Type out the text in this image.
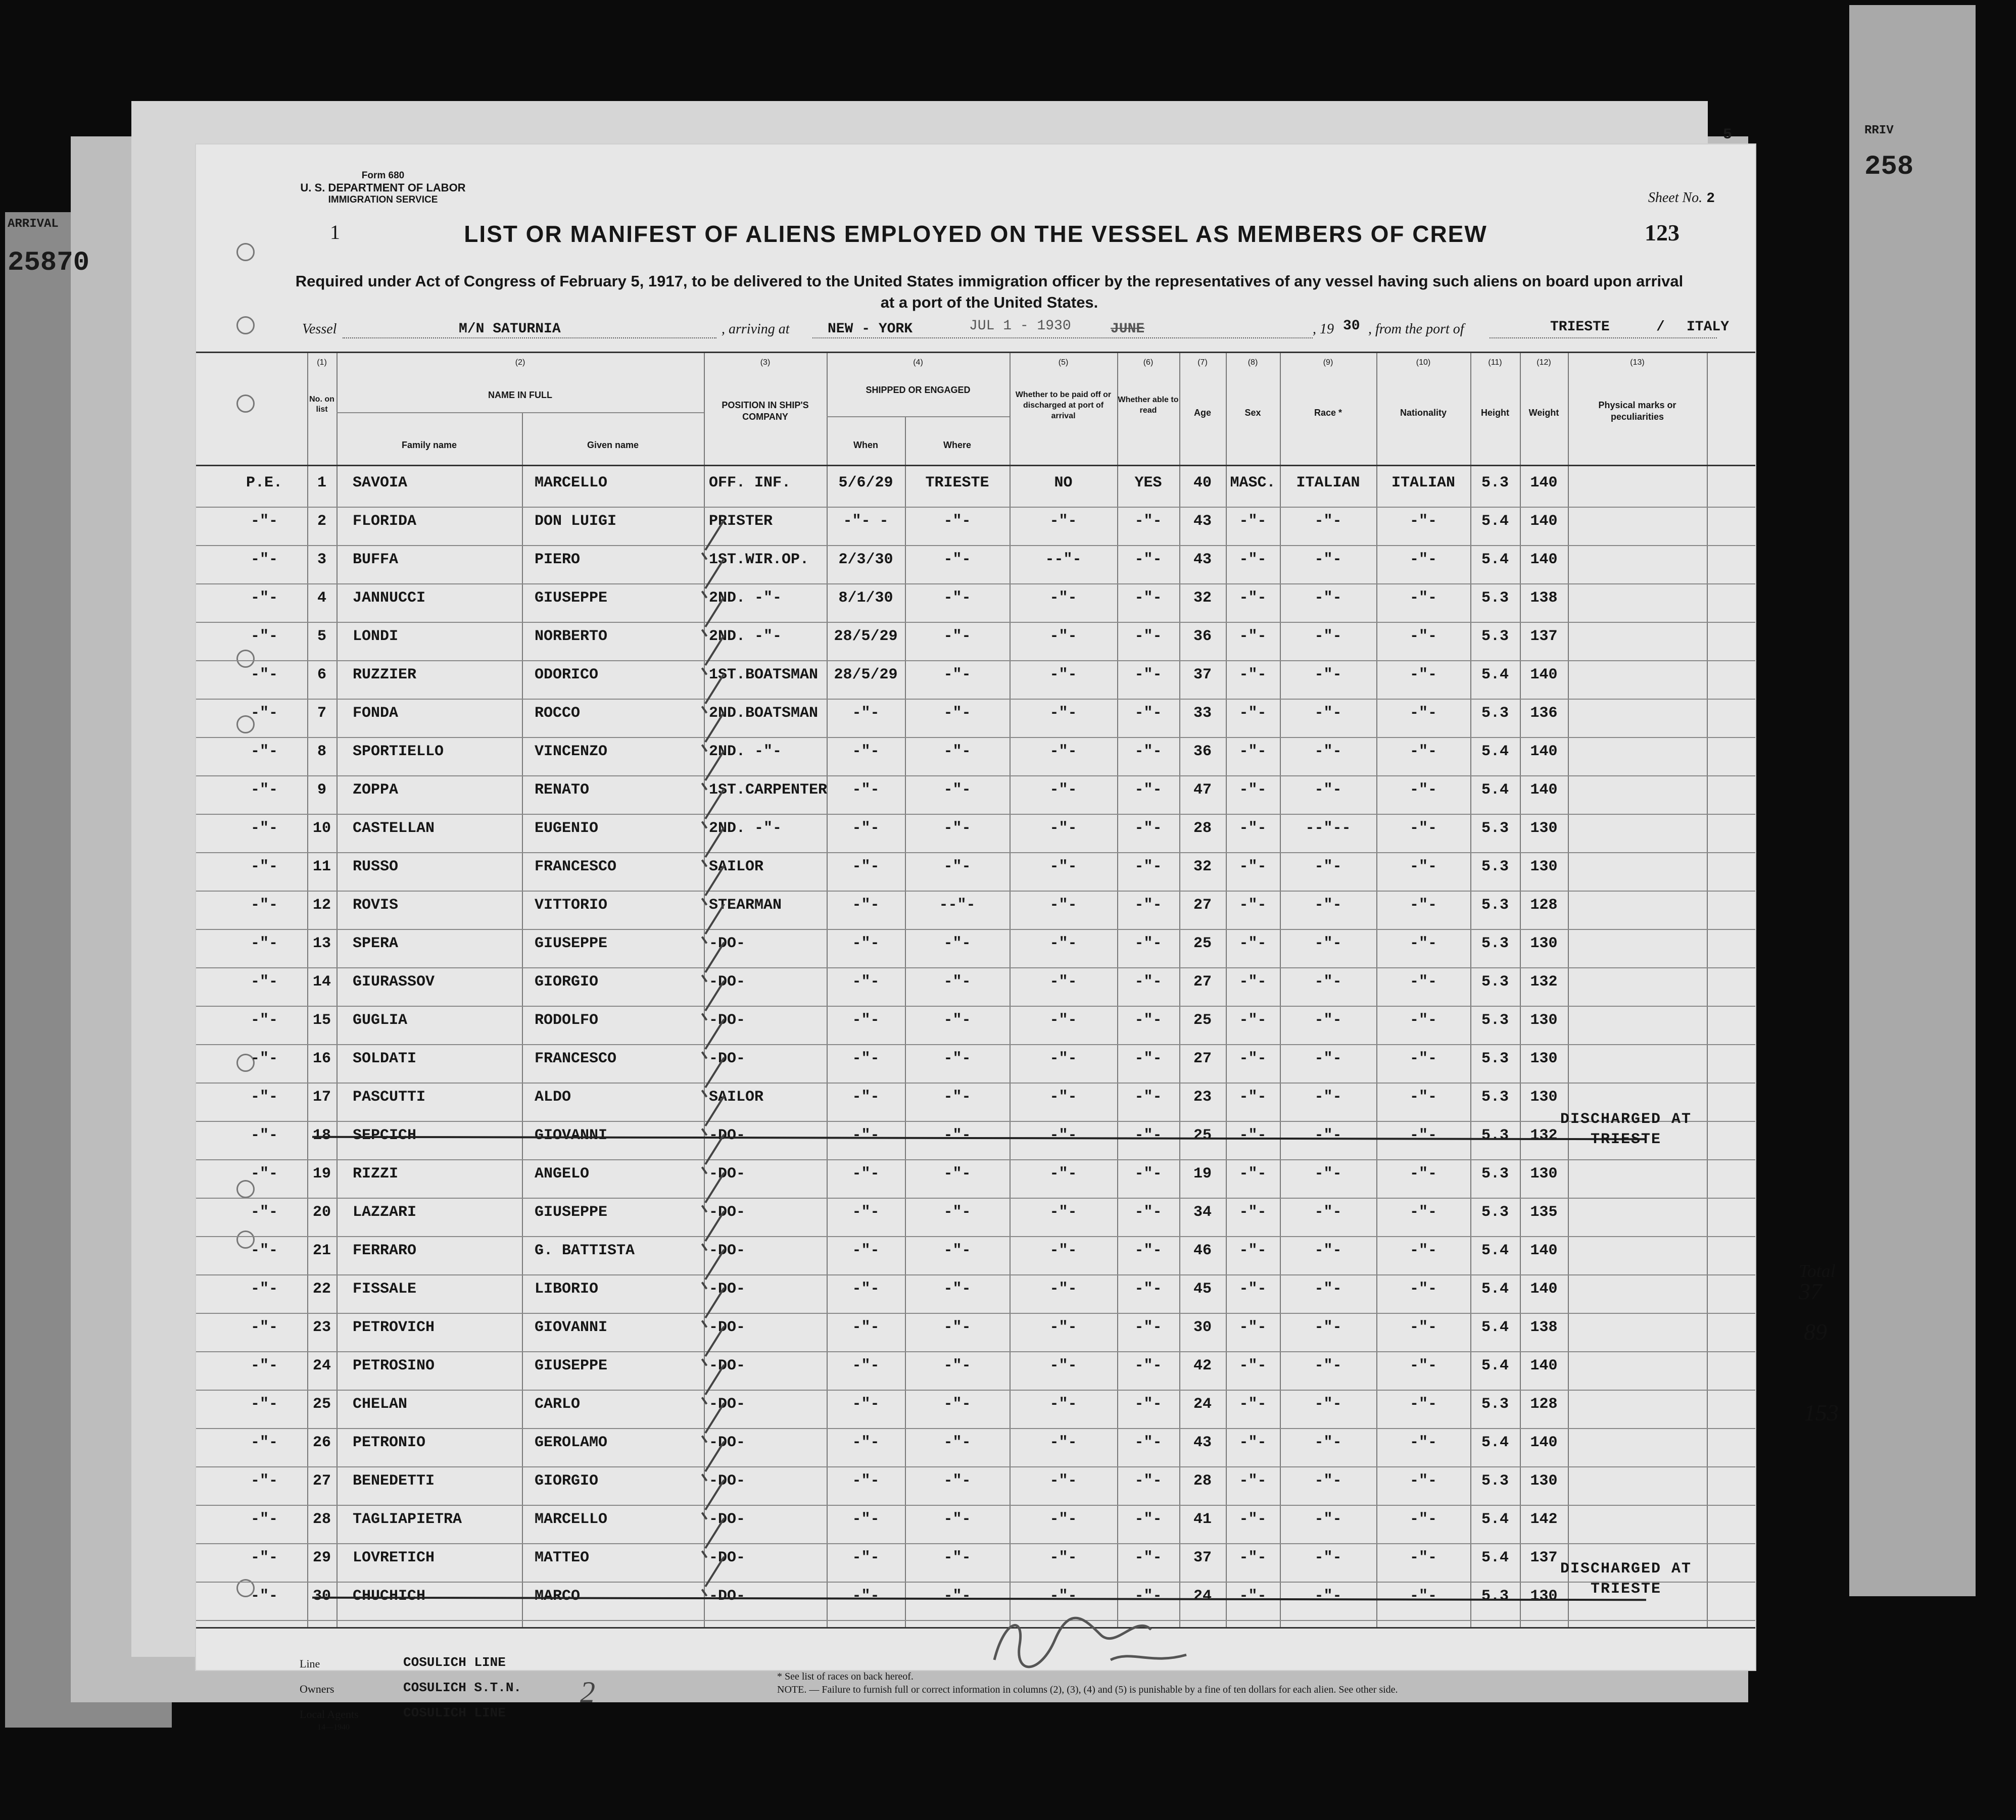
ARRIVAL
25870
RRIV
258
5
Total
37
89
153
Form 680
U. S. DEPARTMENT OF LABOR
IMMIGRATION SERVICE	Sheet No. 2
1	LIST OR MANIFEST OF ALIENS EMPLOYED ON THE VESSEL AS MEMBERS OF CREW	123
Required under Act of Congress of February 5, 1917, to be delivered to the United States immigration officer by the representatives of any vessel having such aliens on board upon arrival at a port of the United States.
Vessel	M/N SATURNIA	, arriving at	NEW - YORK	JUL 1 - 1930	JUNE	, 19 30 , from the port of	TRIESTE	/ ITALY
(1)	(2)	(3)	(4)	(5)	(6)	(7)	(8)	(9)	(10)	(11)	(12)	(13)
No. on list
NAME IN FULL
Family name	Given name
POSITION IN SHIP'S COMPANY
SHIPPED OR ENGAGED
When	Where
Whether to be paid off or discharged at port of arrival
Whether able to read	Age	Sex	Race *	Nationality	Height	Weight
Physical marks or peculiarities
P.E.	1	SAVOIA	MARCELLO	OFF. INF.	5/6/29	TRIESTE	NO	YES	40	MASC.	ITALIAN	ITALIAN	5.3	140
-"-	2	FLORIDA	DON LUIGI	PRISTER	-"- -	-"-	-"-	-"-	43	-"-	-"-	-"-	5.4	140
-"-	3	BUFFA	PIERO	1ST.WIR.OP.	2/3/30	-"-	--"-	-"-	43	-"-	-"-	-"-	5.4	140
-"-	4	JANNUCCI	GIUSEPPE	2ND. -"-	8/1/30	-"-	-"-	-"-	32	-"-	-"-	-"-	5.3	138
-"-	5	LONDI	NORBERTO	2ND. -"-	28/5/29	-"-	-"-	-"-	36	-"-	-"-	-"-	5.3	137
-"-	6	RUZZIER	ODORICO	1ST.BOATSMAN	28/5/29	-"-	-"-	-"-	37	-"-	-"-	-"-	5.4	140
-"-	7	FONDA	ROCCO	2ND.BOATSMAN	-"-	-"-	-"-	-"-	33	-"-	-"-	-"-	5.3	136
-"-	8	SPORTIELLO	VINCENZO	2ND. -"-	-"-	-"-	-"-	-"-	36	-"-	-"-	-"-	5.4	140
-"-	9	ZOPPA	RENATO	1ST.CARPENTER	-"-	-"-	-"-	-"-	47	-"-	-"-	-"-	5.4	140
-"-	10	CASTELLAN	EUGENIO	2ND. -"-	-"-	-"-	-"-	-"-	28	-"-	--"--	-"-	5.3	130
-"-	11	RUSSO	FRANCESCO	SAILOR	-"-	-"-	-"-	-"-	32	-"-	-"-	-"-	5.3	130
-"-	12	ROVIS	VITTORIO	STEARMAN	-"-	--"-	-"-	-"-	27	-"-	-"-	-"-	5.3	128
-"-	13	SPERA	GIUSEPPE	-DO-	-"-	-"-	-"-	-"-	25	-"-	-"-	-"-	5.3	130
-"-	14	GIURASSOV	GIORGIO	-DO-	-"-	-"-	-"-	-"-	27	-"-	-"-	-"-	5.3	132
-"-	15	GUGLIA	RODOLFO	-DO-	-"-	-"-	-"-	-"-	25	-"-	-"-	-"-	5.3	130
-"-	16	SOLDATI	FRANCESCO	-DO-	-"-	-"-	-"-	-"-	27	-"-	-"-	-"-	5.3	130
-"-	17	PASCUTTI	ALDO	SAILOR	-"-	-"-	-"-	-"-	23	-"-	-"-	-"-	5.3	130
-"-	18	SEPCICH	GIOVANNI	-DO-	-"-	-"-	-"-	-"-	25	-"-	-"-	-"-	5.3	132
-"-	19	RIZZI	ANGELO	-DO-	-"-	-"-	-"-	-"-	19	-"-	-"-	-"-	5.3	130
-"-	20	LAZZARI	GIUSEPPE	-DO-	-"-	-"-	-"-	-"-	34	-"-	-"-	-"-	5.3	135
-"-	21	FERRARO	G. BATTISTA	-DO-	-"-	-"-	-"-	-"-	46	-"-	-"-	-"-	5.4	140
-"-	22	FISSALE	LIBORIO	-DO-	-"-	-"-	-"-	-"-	45	-"-	-"-	-"-	5.4	140
-"-	23	PETROVICH	GIOVANNI	-DO-	-"-	-"-	-"-	-"-	30	-"-	-"-	-"-	5.4	138
-"-	24	PETROSINO	GIUSEPPE	-DO-	-"-	-"-	-"-	-"-	42	-"-	-"-	-"-	5.4	140
-"-	25	CHELAN	CARLO	-DO-	-"-	-"-	-"-	-"-	24	-"-	-"-	-"-	5.3	128
-"-	26	PETRONIO	GEROLAMO	-DO-	-"-	-"-	-"-	-"-	43	-"-	-"-	-"-	5.4	140
-"-	27	BENEDETTI	GIORGIO	-DO-	-"-	-"-	-"-	-"-	28	-"-	-"-	-"-	5.3	130
-"-	28	TAGLIAPIETRA	MARCELLO	-DO-	-"-	-"-	-"-	-"-	41	-"-	-"-	-"-	5.4	142
-"-	29	LOVRETICH	MATTEO	-DO-	-"-	-"-	-"-	-"-	37	-"-	-"-	-"-	5.4	137
-"-	30	CHUCHICH	MARCO	-DO-	-"-	-"-	-"-	-"-	24	-"-	-"-	-"-	5.3	130
DISCHARGED AT
TRIESTE
DISCHARGED AT
TRIESTE
Line	COSULICH LINE
Owners	COSULICH S.T.N. 2
Local Agents	COSULICH LINE
14—1940
* See list of races on back hereof.
NOTE. — Failure to furnish full or correct information in columns (2), (3), (4) and (5) is punishable by a fine of ten dollars for each alien. See other side.
